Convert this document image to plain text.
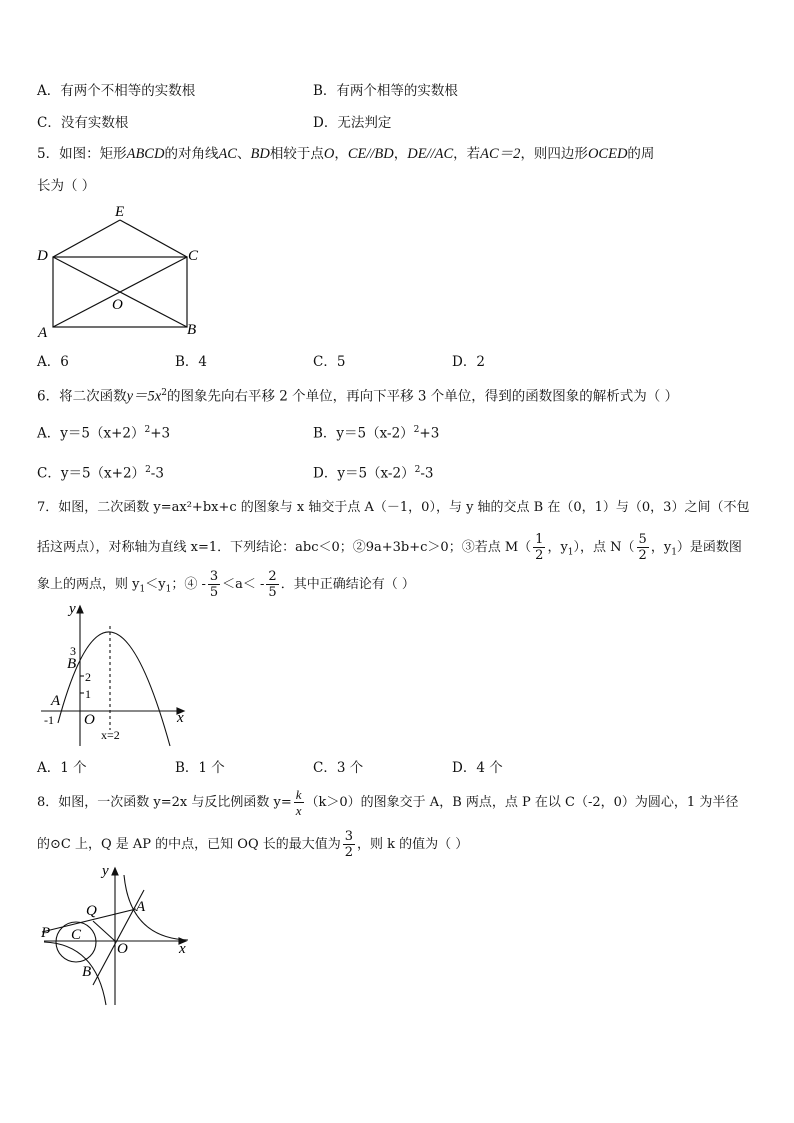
A．有两个不相等的实数根	B．有两个相等的实数根
C．没有实数根	D．无法判定
5．如图：矩形ABCD的对角线AC、BD相较于点O，CE//BD，DE//AC，若AC＝2，则四边形OCED的周
长为（ ）
E
D	C
O
A	B
A．6	B．4	C．5	D．2
6．将二次函数$y=5x^2$的图象先向右平移 2 个单位，再向下平移 3 个单位，得到的函数图象的解析式为（ ）
A．$y=5(x+2)^2+3$	B．$y=5(x-2)^2+3$
C．$y=5(x+2)^2-3$	D．$y=5(x-2)^2-3$
7．如图，二次函数 y=ax²+bx+c 的图象与 x 轴交于点 A（－1，0），与 y 轴的交点 B 在（0，1）与（0，3）之间（不包
括这两点），对称轴为直线 x=1．下列结论：abc＜0；②9a+3b+c＞0；③若点 $M( \frac{1}{2}$ ，$y_1$），点 $N( \frac{5}{2}$ ，$y_1$）是函数图
象上的两点，则 $y_1<y_1$；④ - $\frac{3}{5} <a< - \frac{2}{5}$ ．其中正确结论有（ ）
y
x
3
B
2
1
A
-1 O
x=2
A．1 个	B．1 个	C．3 个	D．4 个
8．如图，一次函数 y=2x 与反比例函数 $y= \frac{k}{x} (k>0)$的图象交于 A，B 两点，点 P 在以 C（-2，0）为圆心，1 为半径
的⊙C 上，Q 是 AP 的中点，已知 OQ 长的最大值为 $\frac{3}{2}$ ，则 k 的值为（ ）
y
x
Q	A
P C
O
B
